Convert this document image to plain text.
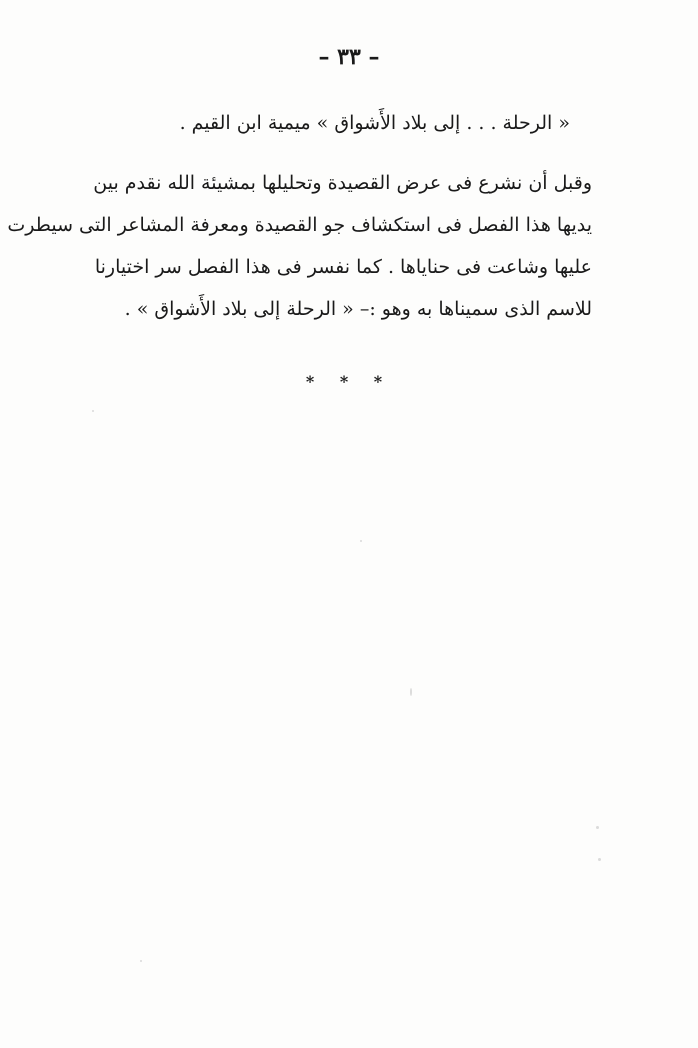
– ٣٣ –
« الرحلة . . . إلى بلاد الأَشواق » ميمية ابن القيم .
وقبل أن نشرع فى عرض القصيدة وتحليلها بمشيئة الله نقدم بين
يديها هذا الفصل فى استكشاف جو القصيدة ومعرفة المشاعر التى سيطرت
عليها وشاعت فى حناياها . كما نفسر فى هذا الفصل سر اختيارنا
للاسم الذى سميناها به وهو :– « الرحلة إلى بلاد الأَشواق » .
* * *
